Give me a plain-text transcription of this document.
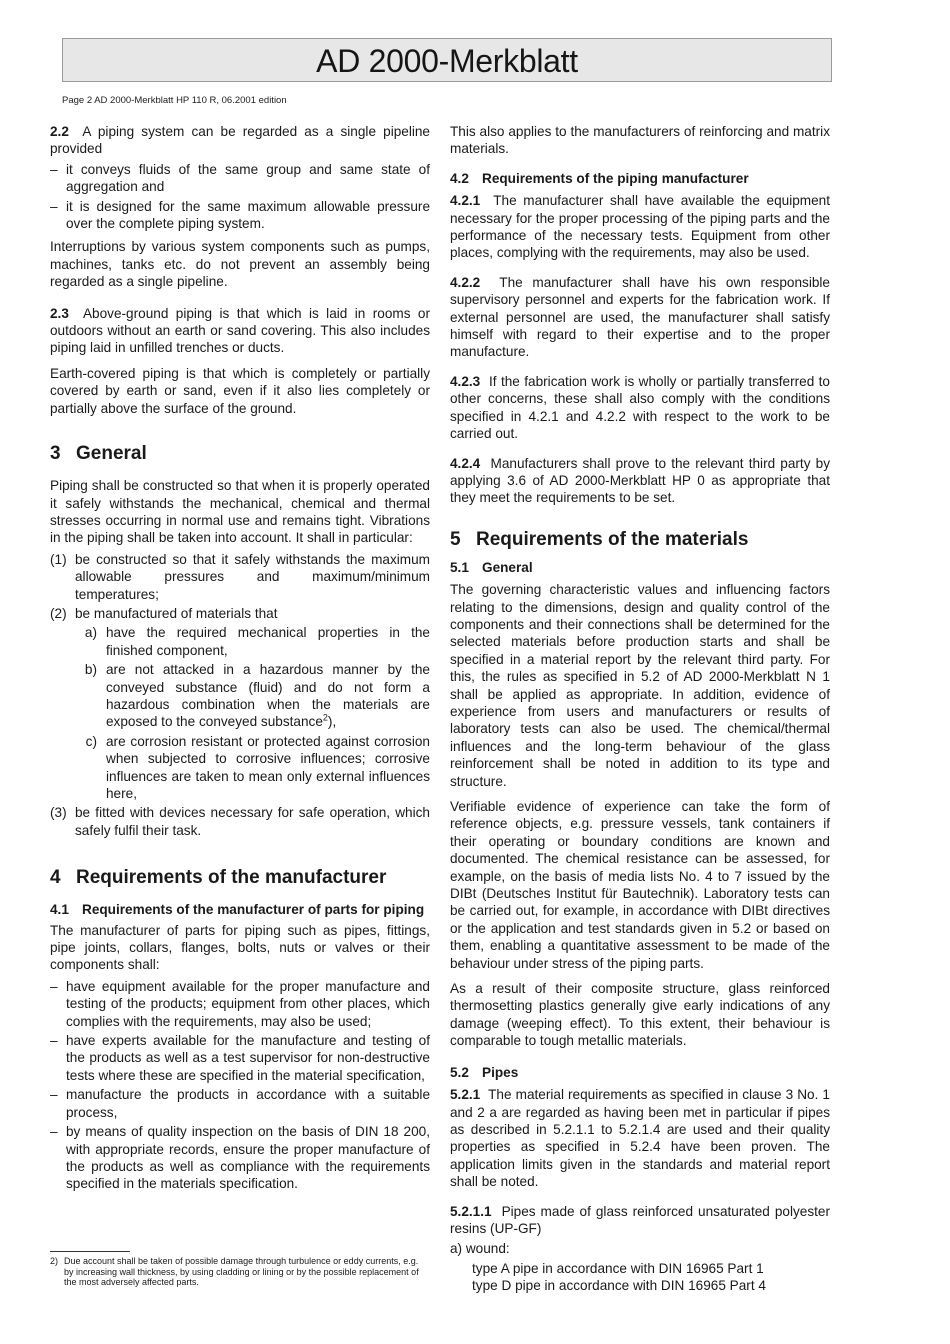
AD 2000-Merkblatt
Page 2 AD 2000-Merkblatt HP 110 R, 06.2001 edition

2.2 A piping system can be regarded as a single pipeline provided

– it conveys fluids of the same group and same state of aggregation and
– it is designed for the same maximum allowable pressure over the complete piping system.

Interruptions by various system components such as pumps, machines, tanks etc. do not prevent an assembly being regarded as a single pipeline.

2.3 Above-ground piping is that which is laid in rooms or outdoors without an earth or sand covering. This also includes piping laid in unfilled trenches or ducts.

Earth-covered piping is that which is completely or partially covered by earth or sand, even if it also lies completely or partially above the surface of the ground.

3 General

Piping shall be constructed so that when it is properly operated it safely withstands the mechanical, chemical and thermal stresses occurring in normal use and remains tight. Vibrations in the piping shall be taken into account. It shall in particular:

(1) be constructed so that it safely withstands the maximum allowable pressures and maximum/minimum temperatures;
(2) be manufactured of materials that
a) have the required mechanical properties in the finished component,
b) are not attacked in a hazardous manner by the conveyed substance (fluid) and do not form a hazardous combination when the materials are exposed to the conveyed substance$^2$),
c) are corrosion resistant or protected against corrosion when subjected to corrosive influences; corrosive influences are taken to mean only external influences here,
(3) be fitted with devices necessary for safe operation, which safely fulfil their task.
4 Requirements of the manufacturer
4.1 Requirements of the manufacturer of parts for piping

The manufacturer of parts for piping such as pipes, fittings, pipe joints, collars, flanges, bolts, nuts or valves or their components shall:

– have equipment available for the proper manufacture and testing of the products; equipment from other places, which complies with the requirements, may also be used;
– have experts available for the manufacture and testing of the products as well as a test supervisor for non-destructive tests where these are specified in the material specification,
– manufacture the products in accordance with a suitable process,
– by means of quality inspection on the basis of DIN 18 200, with appropriate records, ensure the proper manufacture of the products as well as compliance with the requirements specified in the materials specification.
2) Due account shall be taken of possible damage through turbulence or eddy currents, e.g. by increasing wall thickness, by using cladding or lining or by the possible replacement of the most adversely affected parts.

This also applies to the manufacturers of reinforcing and matrix materials.

4.2 Requirements of the piping manufacturer

4.2.1 The manufacturer shall have available the equipment necessary for the proper processing of the piping parts and the performance of the necessary tests. Equipment from other places, complying with the requirements, may also be used.

4.2.2 The manufacturer shall have his own responsible supervisory personnel and experts for the fabrication work. If external personnel are used, the manufacturer shall satisfy himself with regard to their expertise and to the proper manufacture.

4.2.3 If the fabrication work is wholly or partially transferred to other concerns, these shall also comply with the conditions specified in 4.2.1 and 4.2.2 with respect to the work to be carried out.

4.2.4 Manufacturers shall prove to the relevant third party by applying 3.6 of AD 2000-Merkblatt HP 0 as appropriate that they meet the requirements to be set.

5 Requirements of the materials
5.1 General

The governing characteristic values and influencing factors relating to the dimensions, design and quality control of the components and their connections shall be determined for the selected materials before production starts and shall be specified in a material report by the relevant third party. For this, the rules as specified in 5.2 of AD 2000-Merkblatt N 1 shall be applied as appropriate. In addition, evidence of experience from users and manufacturers or results of laboratory tests can also be used. The chemical/thermal influences and the long-term behaviour of the glass reinforcement shall be noted in addition to its type and structure.

Verifiable evidence of experience can take the form of reference objects, e.g. pressure vessels, tank containers if their operating or boundary conditions are known and documented. The chemical resistance can be assessed, for example, on the basis of media lists No. 4 to 7 issued by the DIBt (Deutsches Institut für Bautechnik). Laboratory tests can be carried out, for example, in accordance with DIBt directives or the application and test standards given in 5.2 or based on them, enabling a quantitative assessment to be made of the behaviour under stress of the piping parts.

As a result of their composite structure, glass reinforced thermosetting plastics generally give early indications of any damage (weeping effect). To this extent, their behaviour is comparable to tough metallic materials.

5.2 Pipes

5.2.1 The material requirements as specified in clause 3 No. 1 and 2 a are regarded as having been met in particular if pipes as described in 5.2.1.1 to 5.2.1.4 are used and their quality properties as specified in 5.2.4 have been proven. The application limits given in the standards and material report shall be noted.

5.2.1.1 Pipes made of glass reinforced unsaturated polyester resins (UP-GF)

a) wound:

type A pipe in accordance with DIN 16965 Part 1

type D pipe in accordance with DIN 16965 Part 4
